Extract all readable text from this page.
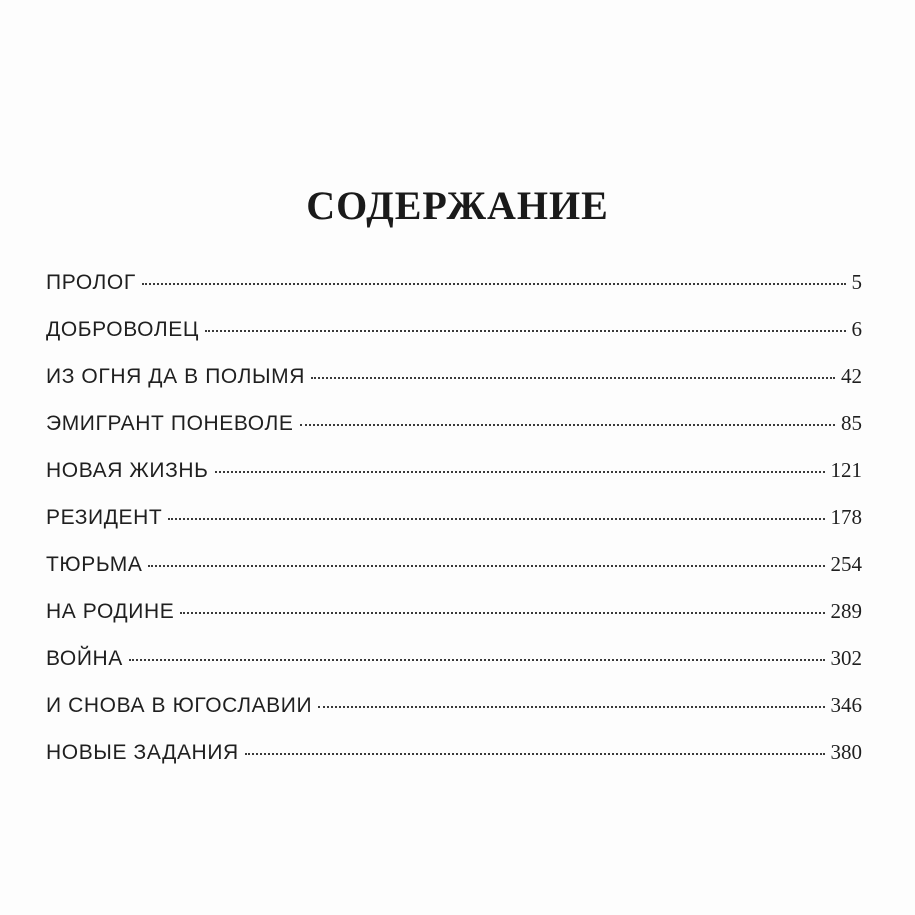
СОДЕРЖАНИЕ
ПРОЛОГ	5
ДОБРОВОЛЕЦ	6
ИЗ ОГНЯ ДА В ПОЛЫМЯ	42
ЭМИГРАНТ ПОНЕВОЛЕ	85
НОВАЯ ЖИЗНЬ	121
РЕЗИДЕНТ	178
ТЮРЬМА	254
НА РОДИНЕ	289
ВОЙНА	302
И СНОВА В ЮГОСЛАВИИ	346
НОВЫЕ ЗАДАНИЯ	380
